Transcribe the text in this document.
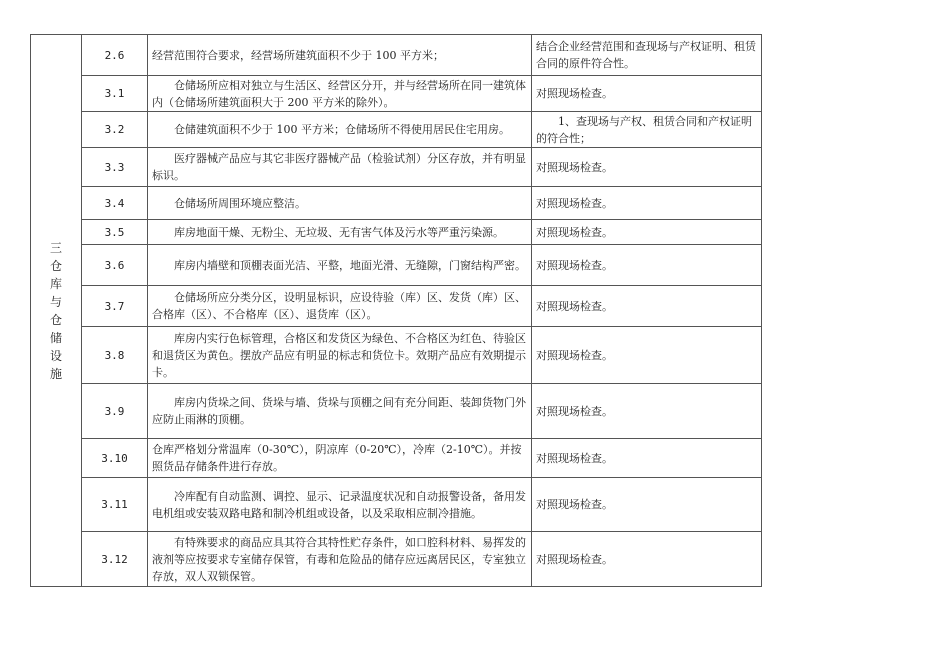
三仓库与仓储设施	2.6	经营范围符合要求，经营场所建筑面积不少于 100 平方米；	结合企业经营范围和查现场与产权证明、租赁合同的原件符合性。
	3.1	仓储场所应相对独立与生活区、经营区分开，并与经营场所在同一建筑体内（仓储场所建筑面积大于 200 平方米的除外）。	对照现场检查。
	3.2	仓储建筑面积不少于 100 平方米；仓储场所不得使用居民住宅用房。	1、查现场与产权、租赁合同和产权证明的符合性；
	3.3	医疗器械产品应与其它非医疗器械产品（检验试剂）分区存放，并有明显标识。	对照现场检查。
	3.4	仓储场所周围环境应整洁。	对照现场检查。
	3.5	库房地面干燥、无粉尘、无垃圾、无有害气体及污水等严重污染源。	对照现场检查。
	3.6	库房内墙壁和顶棚表面光洁、平整，地面光滑、无缝隙，门窗结构严密。	对照现场检查。
	3.7	仓储场所应分类分区，设明显标识，应设待验（库）区、发货（库）区、合格库（区）、不合格库（区）、退货库（区）。	对照现场检查。
	3.8	库房内实行色标管理，合格区和发货区为绿色、不合格区为红色、待验区和退货区为黄色。摆放产品应有明显的标志和货位卡。效期产品应有效期提示卡。	对照现场检查。
	3.9	库房内货垛之间、货垛与墙、货垛与顶棚之间有充分间距、装卸货物门外应防止雨淋的顶棚。	对照现场检查。
	3.10	仓库严格划分常温库（0-30℃），阴凉库（0-20℃），冷库（2-10℃）。并按照货品存储条件进行存放。	对照现场检查。
	3.11	冷库配有自动监测、调控、显示、记录温度状况和自动报警设备，备用发电机组或安装双路电路和制冷机组或设备，以及采取相应制冷措施。	对照现场检查。
	3.12	有特殊要求的商品应具其符合其特性贮存条件，如口腔科材料、易挥发的液剂等应按要求专室储存保管，有毒和危险品的储存应远离居民区，专室独立存放，双人双锁保管。	对照现场检查。
